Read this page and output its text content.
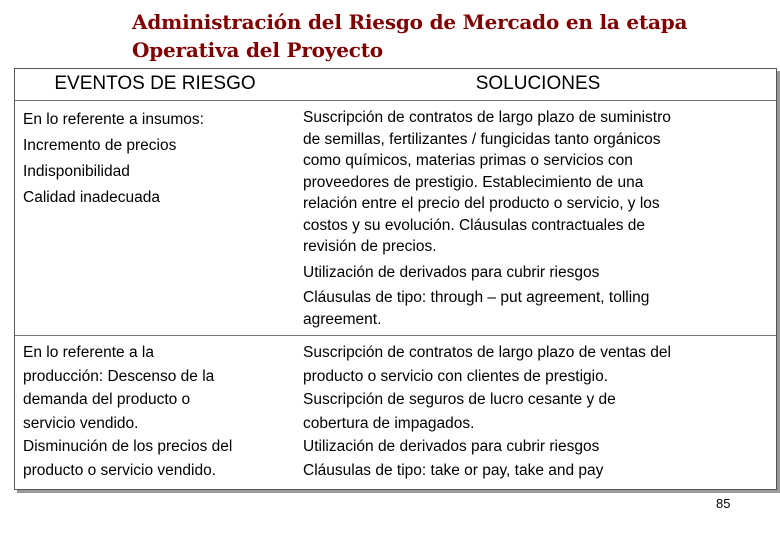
Administración del Riesgo de Mercado en la etapa
Operativa del Proyecto
EVENTOS DE RIESGO	SOLUCIONES
En lo referente a insumos:
Incremento de precios
Indisponibilidad
Calidad inadecuada
Suscripción de contratos de largo plazo de suministro
de semillas, fertilizantes / fungicidas tanto orgánicos
como químicos, materias primas o servicios con
proveedores de prestigio. Establecimiento de una
relación entre el precio del producto o servicio, y los
costos y su evolución. Cláusulas contractuales de
revisión de precios.
Utilización de derivados para cubrir riesgos
Cláusulas de tipo: through – put agreement, tolling
agreement.
En lo referente a la
producción: Descenso de la
demanda del producto o
servicio vendido.
Disminución de los precios del
producto o servicio vendido.
Suscripción de contratos de largo plazo de ventas del
producto o servicio con clientes de prestigio.
Suscripción de seguros de lucro cesante y de
cobertura de impagados.
Utilización de derivados para cubrir riesgos
Cláusulas de tipo: take or pay, take and pay
85
